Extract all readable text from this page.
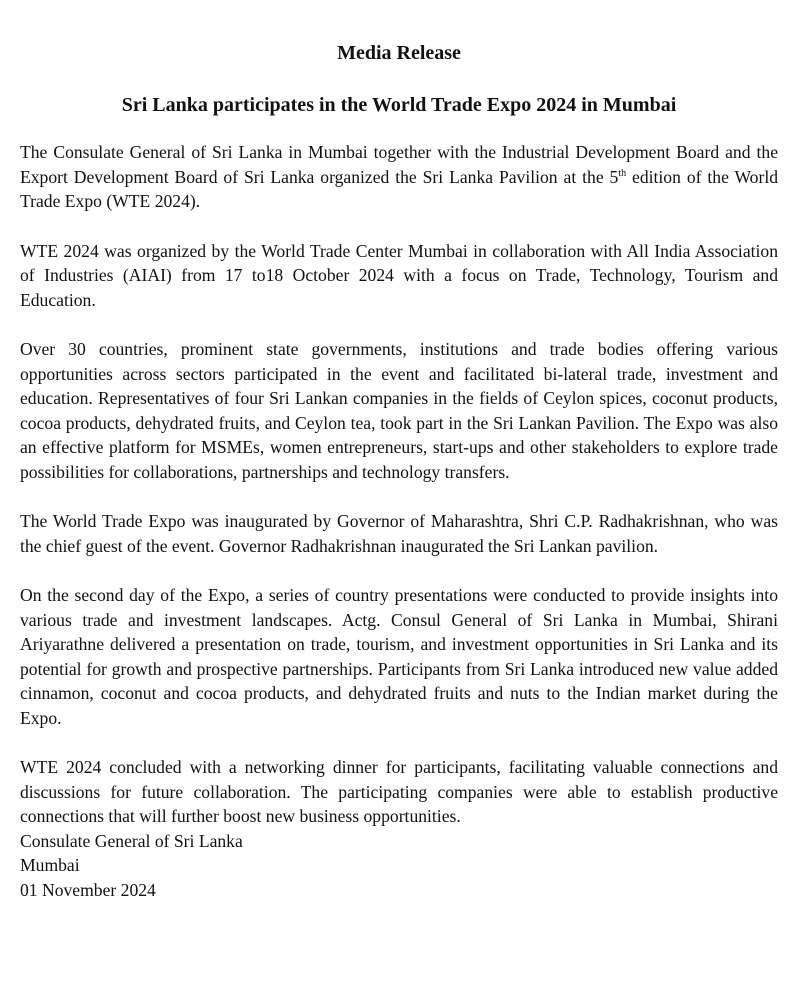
Media Release
Sri Lanka participates in the World Trade Expo 2024 in Mumbai

The Consulate General of Sri Lanka in Mumbai together with the Industrial Development Board and the Export Development Board of Sri Lanka organized the Sri Lanka Pavilion at the 5th edition of the World Trade Expo (WTE 2024).

WTE 2024 was organized by the World Trade Center Mumbai in collaboration with All India Association of Industries (AIAI) from 17 to18 October 2024 with a focus on Trade, Technology, Tourism and Education.

Over 30 countries, prominent state governments, institutions and trade bodies offering various opportunities across sectors participated in the event and facilitated bi-lateral trade, investment and education. Representatives of four Sri Lankan companies in the fields of Ceylon spices, coconut products, cocoa products, dehydrated fruits, and Ceylon tea, took part in the Sri Lankan Pavilion. The Expo was also an effective platform for MSMEs, women entrepreneurs, start-ups and other stakeholders to explore trade possibilities for collaborations, partnerships and technology transfers.

The World Trade Expo was inaugurated by Governor of Maharashtra, Shri C.P. Radhakrishnan, who was the chief guest of the event. Governor Radhakrishnan inaugurated the Sri Lankan pavilion.

On the second day of the Expo, a series of country presentations were conducted to provide insights into various trade and investment landscapes. Actg. Consul General of Sri Lanka in Mumbai, Shirani Ariyarathne delivered a presentation on trade, tourism, and investment opportunities in Sri Lanka and its potential for growth and prospective partnerships. Participants from Sri Lanka introduced new value added cinnamon, coconut and cocoa products, and dehydrated fruits and nuts to the Indian market during the Expo.

WTE 2024 concluded with a networking dinner for participants, facilitating valuable connections and discussions for future collaboration. The participating companies were able to establish productive connections that will further boost new business opportunities.

Consulate General of Sri Lanka

Mumbai

01 November 2024
